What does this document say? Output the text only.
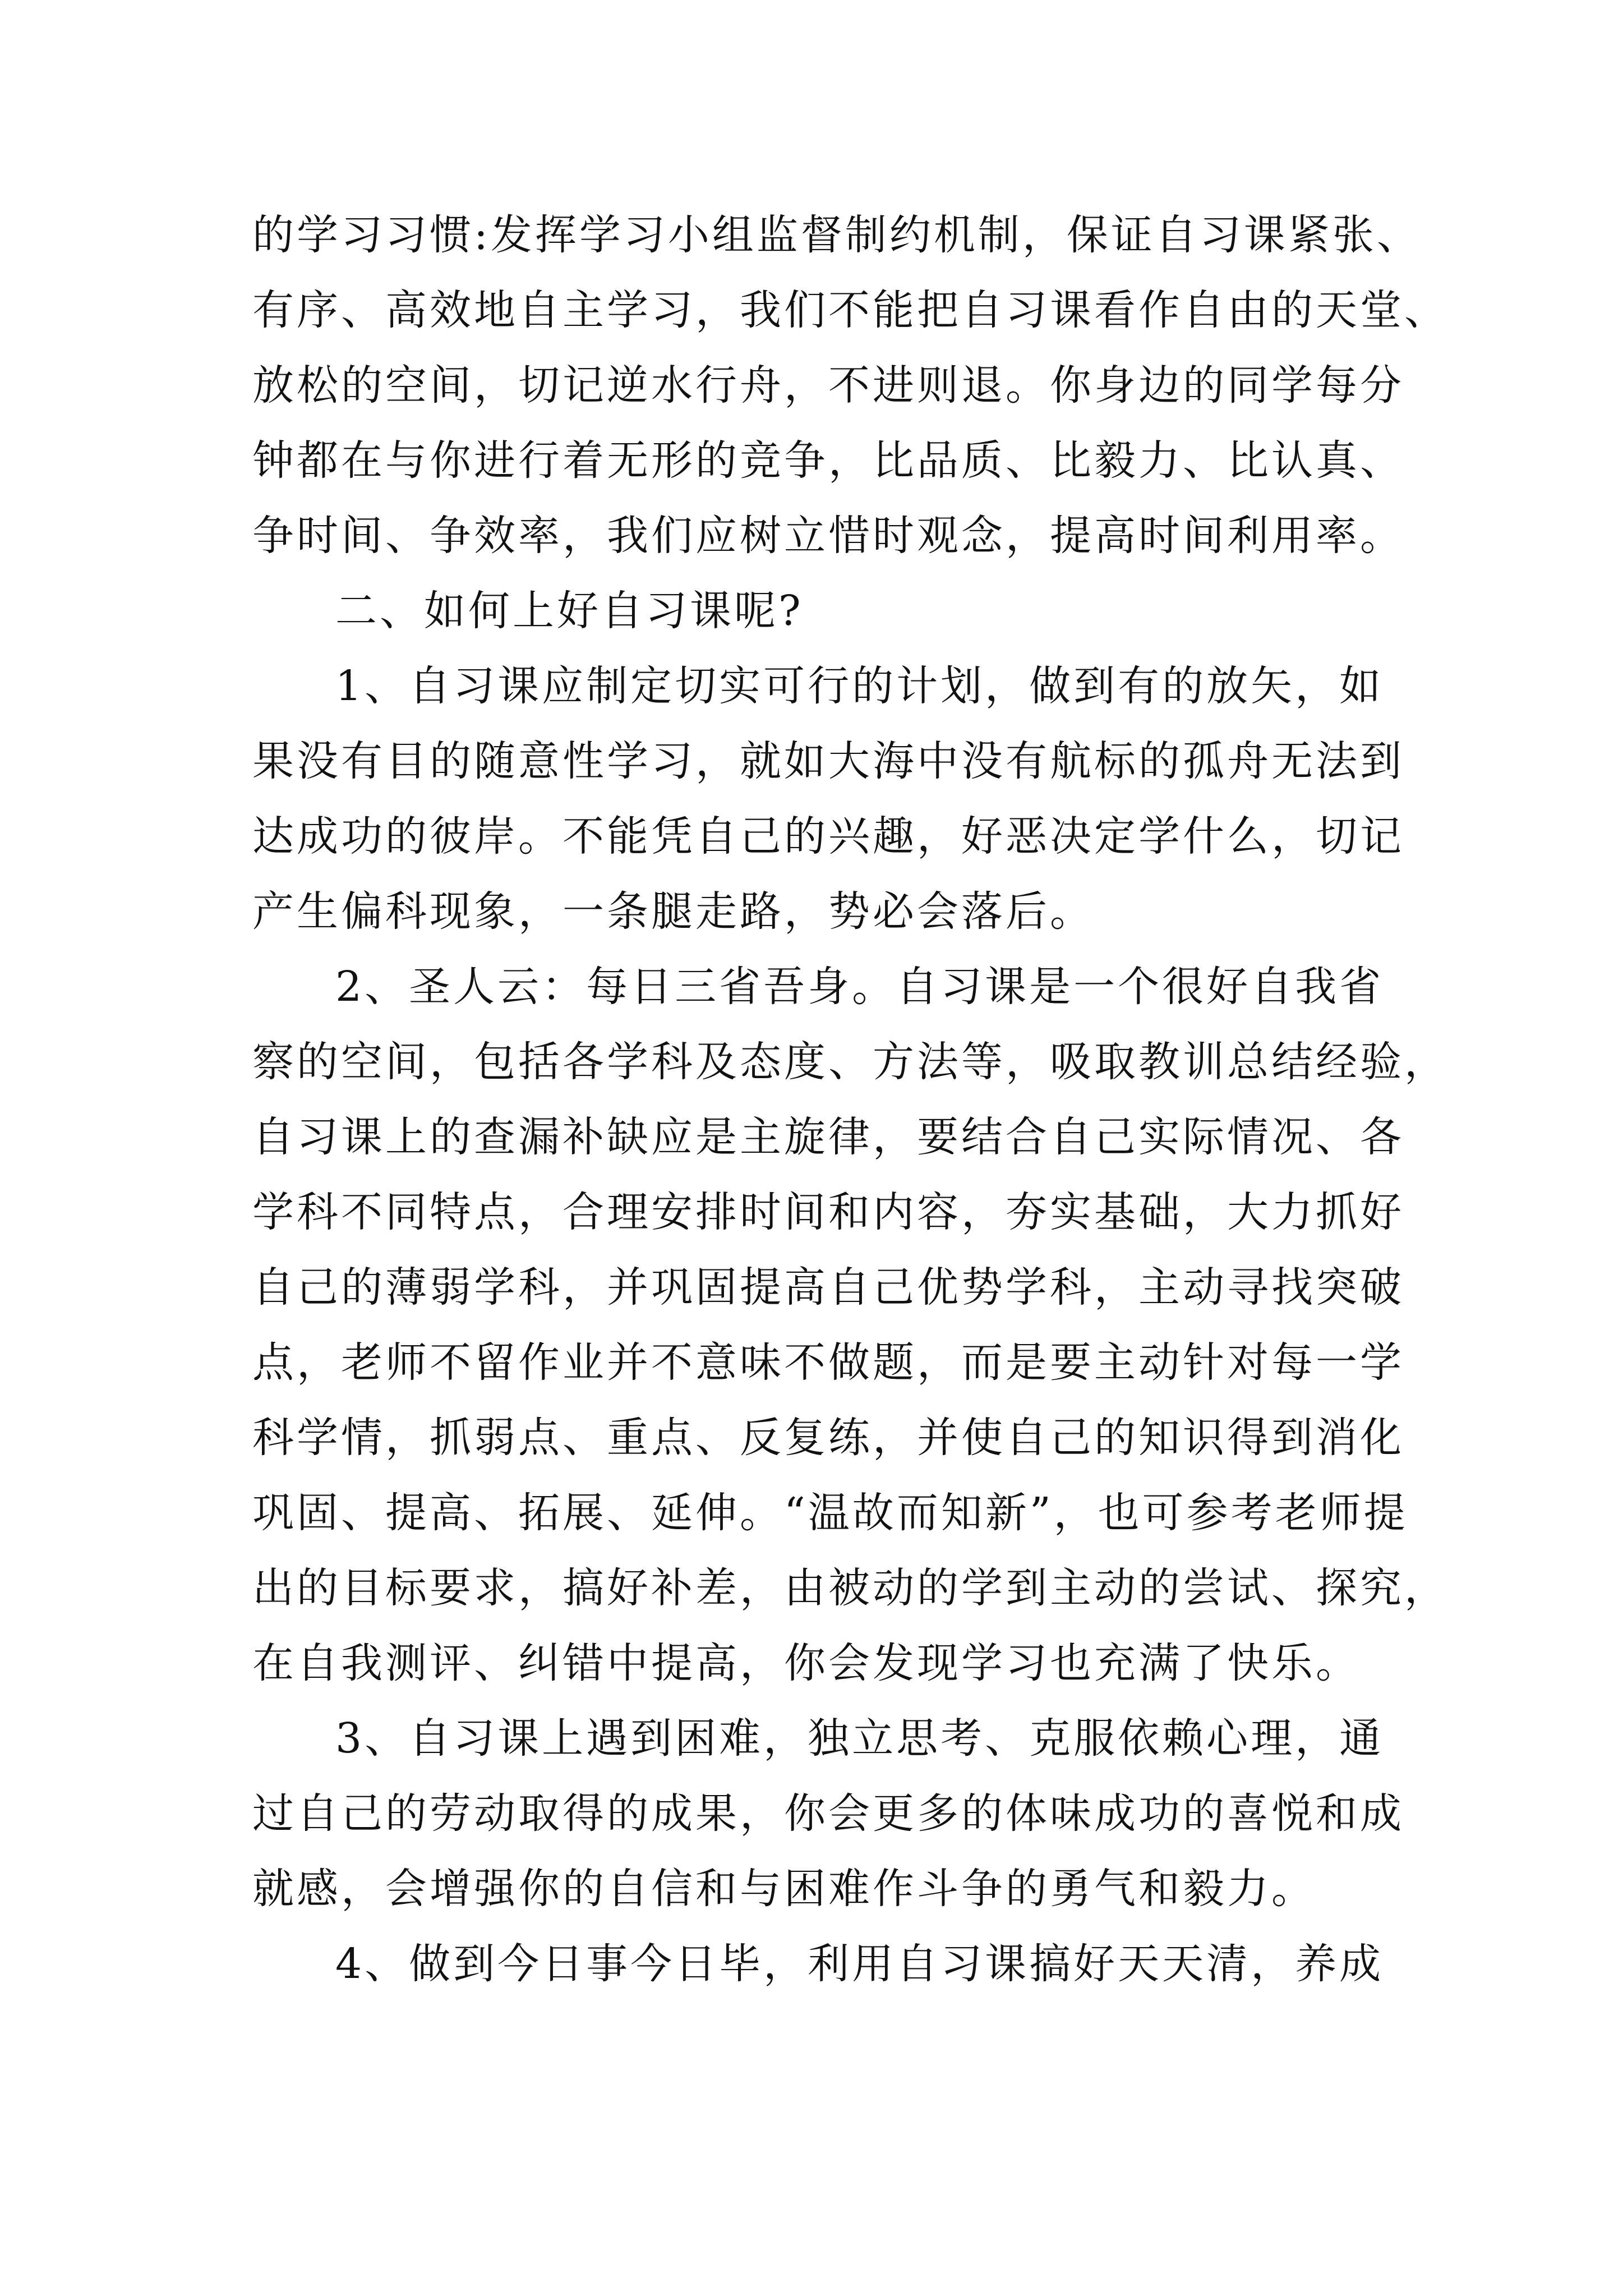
的学习习惯:发挥学习小组监督制约机制，保证自习课紧张、
有序、高效地自主学习，我们不能把自习课看作自由的天堂、
放松的空间，切记逆水行舟，不进则退。你身边的同学每分
钟都在与你进行着无形的竞争，比品质、比毅力、比认真、
争时间、争效率，我们应树立惜时观念，提高时间利用率。
二、如何上好自习课呢?
1、自习课应制定切实可行的计划，做到有的放矢，如
果没有目的随意性学习，就如大海中没有航标的孤舟无法到
达成功的彼岸。不能凭自己的兴趣，好恶决定学什么，切记
产生偏科现象，一条腿走路，势必会落后。
2、圣人云：每日三省吾身。自习课是一个很好自我省
察的空间，包括各学科及态度、方法等，吸取教训总结经验，
自习课上的查漏补缺应是主旋律，要结合自己实际情况、各
学科不同特点，合理安排时间和内容，夯实基础，大力抓好
自己的薄弱学科，并巩固提高自己优势学科，主动寻找突破
点，老师不留作业并不意味不做题，而是要主动针对每一学
科学情，抓弱点、重点、反复练，并使自己的知识得到消化
巩固、提高、拓展、延伸。“温故而知新”，也可参考老师提
出的目标要求，搞好补差，由被动的学到主动的尝试、探究，
在自我测评、纠错中提高，你会发现学习也充满了快乐。
3、自习课上遇到困难，独立思考、克服依赖心理，通
过自己的劳动取得的成果，你会更多的体味成功的喜悦和成
就感，会增强你的自信和与困难作斗争的勇气和毅力。
4、做到今日事今日毕，利用自习课搞好天天清，养成
